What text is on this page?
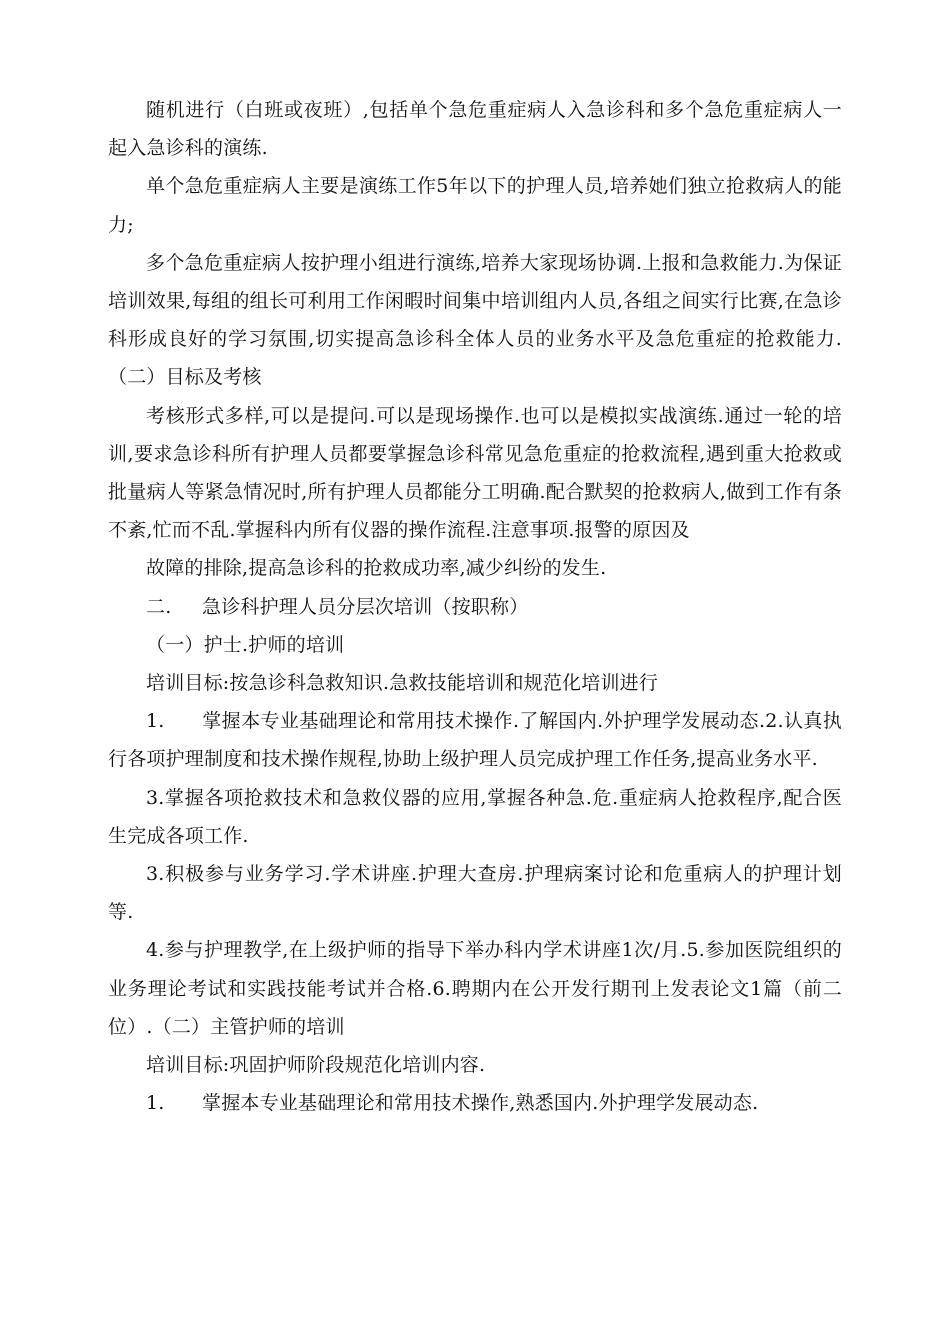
随机进行（白班或夜班）,包括单个急危重症病人入急诊科和多个急危重症病人一起入急诊科的演练.

单个急危重症病人主要是演练工作5年以下的护理人员,培养她们独立抢救病人的能力;

多个急危重症病人按护理小组进行演练,培养大家现场协调.上报和急救能力.为保证培训效果,每组的组长可利用工作闲暇时间集中培训组内人员,各组之间实行比赛,在急诊科形成良好的学习氛围,切实提高急诊科全体人员的业务水平及急危重症的抢救能力.（二）目标及考核

考核形式多样,可以是提问.可以是现场操作.也可以是模拟实战演练.通过一轮的培训,要求急诊科所有护理人员都要掌握急诊科常见急危重症的抢救流程,遇到重大抢救或批量病人等紧急情况时,所有护理人员都能分工明确.配合默契的抢救病人,做到工作有条不紊,忙而不乱.掌握科内所有仪器的操作流程.注意事项.报警的原因及

故障的排除,提高急诊科的抢救成功率,减少纠纷的发生.

二. 急诊科护理人员分层次培训（按职称）

（一）护士.护师的培训

培训目标:按急诊科急救知识.急救技能培训和规范化培训进行

1. 掌握本专业基础理论和常用技术操作.了解国内.外护理学发展动态.2.认真执行各项护理制度和技术操作规程,协助上级护理人员完成护理工作任务,提高业务水平.

3.掌握各项抢救技术和急救仪器的应用,掌握各种急.危.重症病人抢救程序,配合医生完成各项工作.

3.积极参与业务学习.学术讲座.护理大查房.护理病案讨论和危重病人的护理计划等.

4.参与护理教学,在上级护师的指导下举办科内学术讲座1次/月.5.参加医院组织的业务理论考试和实践技能考试并合格.6.聘期内在公开发行期刊上发表论文1篇（前二位）.（二）主管护师的培训

培训目标:巩固护师阶段规范化培训内容.

1. 掌握本专业基础理论和常用技术操作,熟悉国内.外护理学发展动态.
